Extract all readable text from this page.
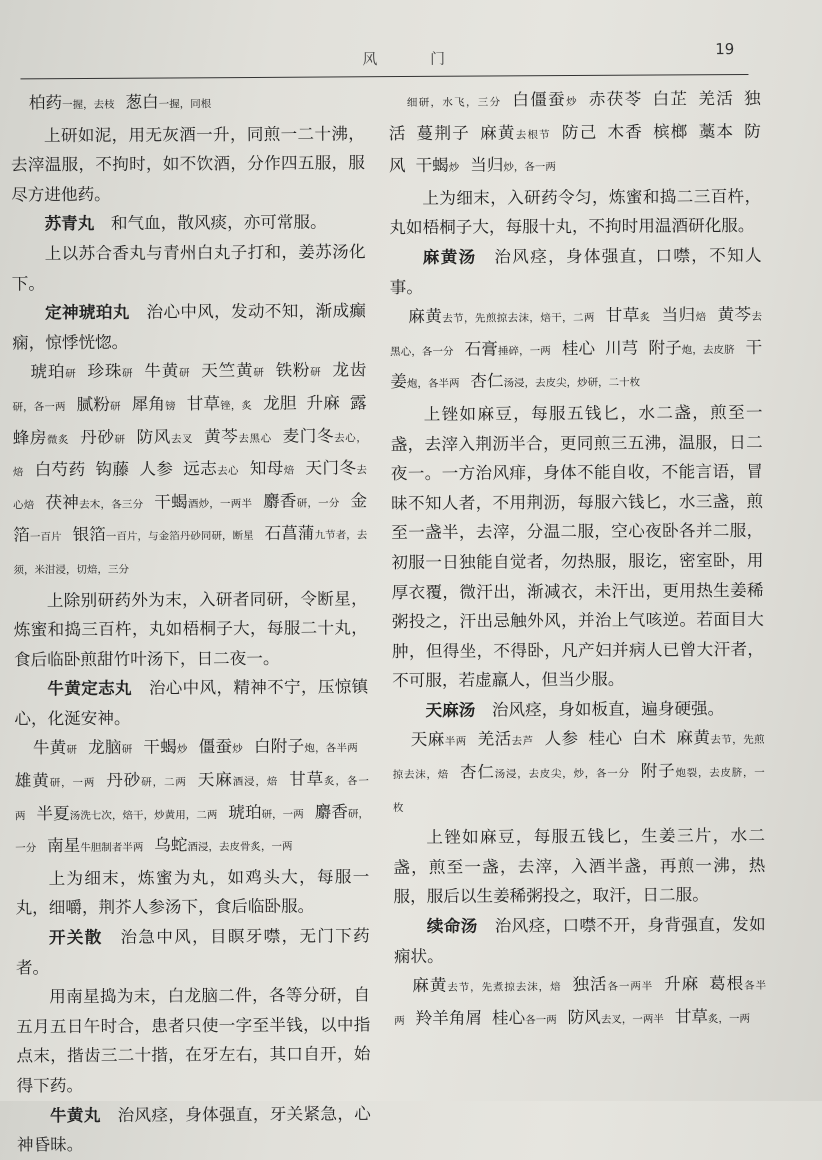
风 门
19

柏药一握，去枝 葱白一握，同根

上研如泥，用无灰酒一升，同煎一二十沸，去滓温服，不拘时，如不饮酒，分作四五服，服尽方进他药。

苏青丸  和气血，散风痰，亦可常服。

上以苏合香丸与青州白丸子打和，姜苏汤化下。

定神琥珀丸  治心中风，发动不知，渐成癫痫，惊悸恍惚。

琥珀研 珍珠研 牛黄研 天竺黄研 铁粉研 龙齿研，各一两 腻粉研 犀角镑 甘草锉，炙 龙胆 升麻 露蜂房微炙 丹砂研 防风去叉 黄芩去黑心 麦门冬去心，焙 白芍药 钩藤 人参 远志去心 知母焙 天门冬去心焙 茯神去木，各三分 干蝎酒炒，一两半 麝香研，一分 金箔一百片 银箔一百片，与金箔丹砂同研，断星 石菖蒲九节者，去须，米泔浸，切焙，三分

上除别研药外为末，入研者同研，令断星，炼蜜和捣三百杵，丸如梧桐子大，每服二十丸，食后临卧煎甜竹叶汤下，日二夜一。

牛黄定志丸  治心中风，精神不宁，压惊镇心，化涎安神。

牛黄研 龙脑研 干蝎炒 僵蚕炒 白附子炮，各半两雄黄研，一两 丹砂研，二两 天麻酒浸，焙 甘草炙，各一两 半夏汤洗七次，焙干，炒黄用，二两 琥珀研，一两 麝香研，一分 南星牛胆制者半两 乌蛇酒浸，去皮骨炙，一两

上为细末，炼蜜为丸，如鸡头大，每服一丸，细嚼，荆芥人参汤下，食后临卧服。

开关散  治急中风，目瞑牙噤，无门下药者。

用南星捣为末，白龙脑二件，各等分研，自五月五日午时合，患者只使一字至半钱，以中指点末，揩齿三二十揩，在牙左右，其口自开，始得下药。

牛黄丸  治风痉，身体强直，牙关紧急，心神昏昧。

细研，水飞，三分 白僵蚕炒 赤茯苓 白芷 羌活 独活 蔓荆子 麻黄去根节 防己 木香 槟榔 藁本 防风 干蝎炒 当归炒，各一两

上为细末，入研药令匀，炼蜜和捣二三百杵，丸如梧桐子大，每服十丸，不拘时用温酒研化服。

麻黄汤  治风痉，身体强直，口噤，不知人事。

麻黄去节，先煎掠去沫，焙干，二两 甘草炙 当归焙 黄芩去黑心，各一分 石膏捶碎，一两 桂心 川芎 附子炮，去皮脐 干姜炮，各半两 杏仁汤浸，去皮尖，炒研，二十枚

上锉如麻豆，每服五钱匕，水二盏，煎至一盏，去滓入荆沥半合，更同煎三五沸，温服，日二夜一。一方治风痱，身体不能自收，不能言语，冒昧不知人者，不用荆沥，每服六钱匕，水三盏，煎至一盏半，去滓，分温二服，空心夜卧各并二服，初服一日独能自觉者，勿热服，服讫，密室卧，用厚衣覆，微汗出，渐减衣，未汗出，更用热生姜稀粥投之，汗出忌触外风，并治上气咳逆。若面目大肿，但得坐，不得卧，凡产妇并病人已曾大汗者，不可服，若虚羸人，但当少服。

天麻汤  治风痉，身如板直，遍身硬强。

天麻半两 羌活去芦 人参 桂心 白术 麻黄去节，先煎掠去沫，焙 杏仁汤浸，去皮尖，炒，各一分 附子炮裂，去皮脐，一枚

上锉如麻豆，每服五钱匕，生姜三片，水二盏，煎至一盏，去滓，入酒半盏，再煎一沸，热服，服后以生姜稀粥投之，取汗，日二服。

续命汤  治风痉，口噤不开，身背强直，发如痫状。

麻黄去节，先煮掠去沫，焙 独活各一两半 升麻 葛根各半两 羚羊角屑 桂心各一两 防风去叉，一两半 甘草炙，一两
